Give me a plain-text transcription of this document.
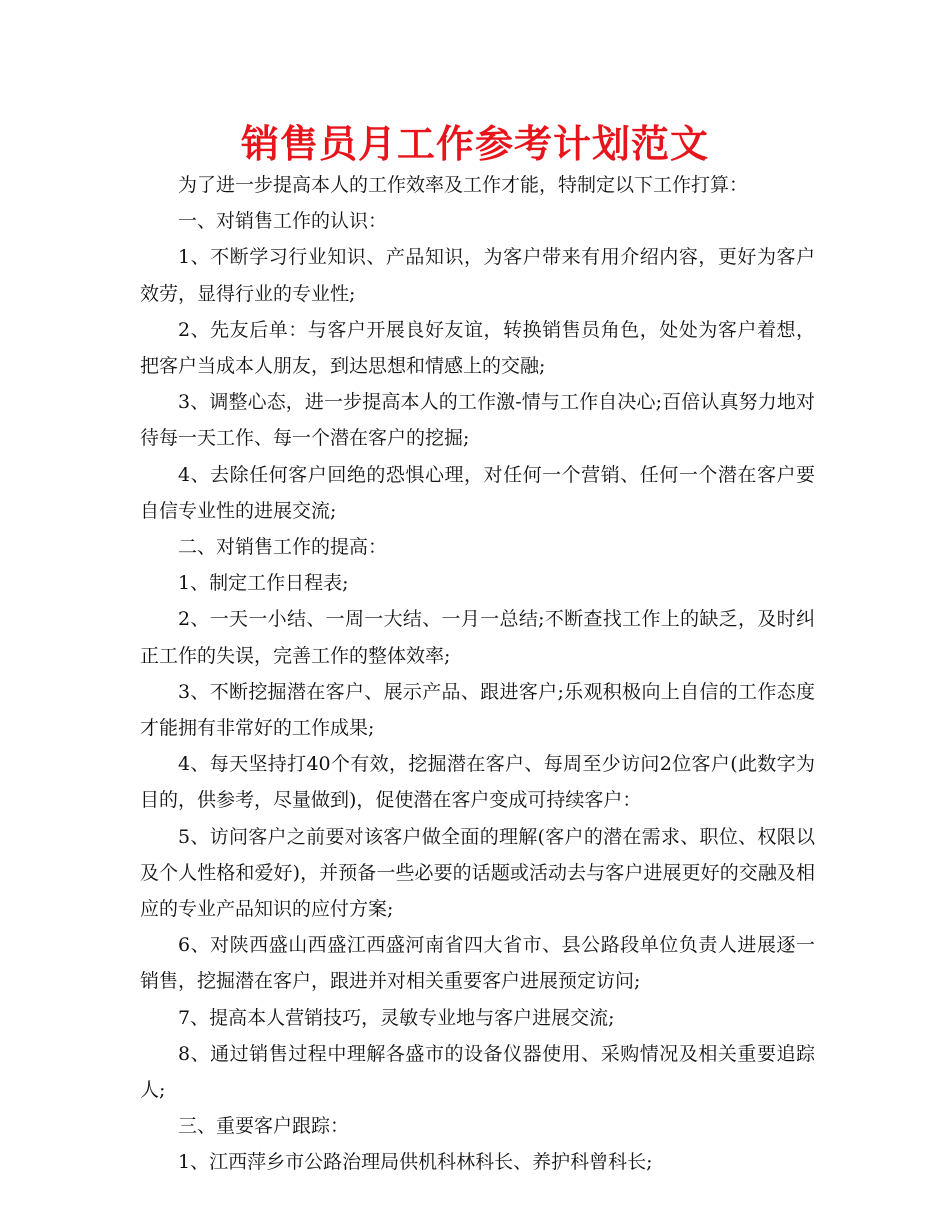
销售员月工作参考计划范文

为了进一步提高本人的工作效率及工作才能，特制定以下工作打算：

一、对销售工作的认识：

1、不断学习行业知识、产品知识，为客户带来有用介绍内容，更好为客户效劳，显得行业的专业性;

2、先友后单：与客户开展良好友谊，转换销售员角色，处处为客户着想，把客户当成本人朋友，到达思想和情感上的交融;

3、调整心态，进一步提高本人的工作激-情与工作自决心;百倍认真努力地对待每一天工作、每一个潜在客户的挖掘;

4、去除任何客户回绝的恐惧心理，对任何一个营销、任何一个潜在客户要自信专业性的进展交流;

二、对销售工作的提高：

1、制定工作日程表;

2、一天一小结、一周一大结、一月一总结;不断查找工作上的缺乏，及时纠正工作的失误，完善工作的整体效率;

3、不断挖掘潜在客户、展示产品、跟进客户;乐观积极向上自信的工作态度才能拥有非常好的工作成果;

4、每天坚持打40个有效，挖掘潜在客户、每周至少访问2位客户(此数字为目的，供参考，尽量做到)，促使潜在客户变成可持续客户：

5、访问客户之前要对该客户做全面的理解(客户的潜在需求、职位、权限以及个人性格和爱好)，并预备一些必要的话题或活动去与客户进展更好的交融及相应的专业产品知识的应付方案;

6、对陕西盛山西盛江西盛河南省四大省市、县公路段单位负责人进展逐一销售，挖掘潜在客户，跟进并对相关重要客户进展预定访问;

7、提高本人营销技巧，灵敏专业地与客户进展交流;

8、通过销售过程中理解各盛市的设备仪器使用、采购情况及相关重要追踪人;

三、重要客户跟踪：

1、江西萍乡市公路治理局供机科林科长、养护科曾科长;
